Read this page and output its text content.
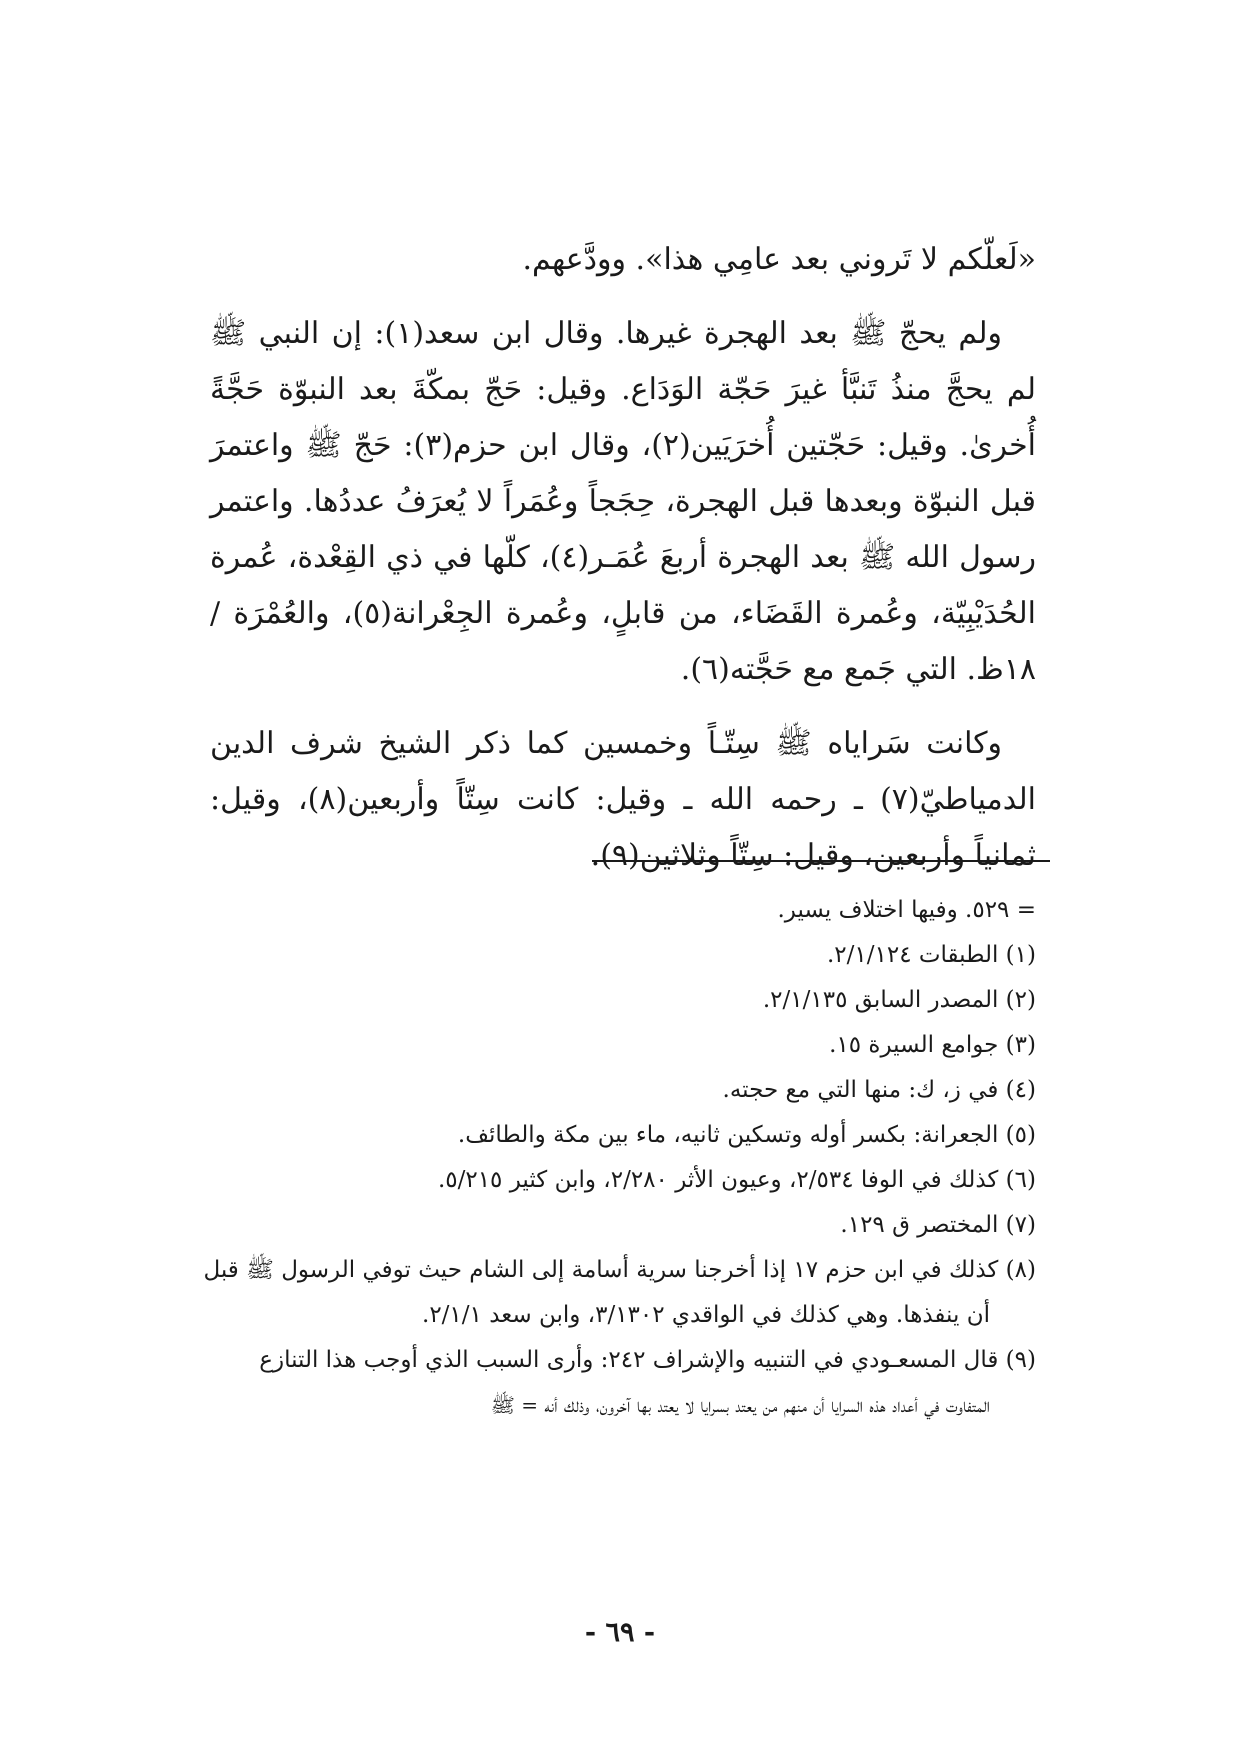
«لَعلّكم لا تَروني بعد عامِي هذا». وودَّعهم.

ولم يحجّ ﷺ بعد الهجرة غيرها. وقال ابن سعد(١): إن النبي ﷺ لم يحجَّ منذُ تَنبَّأ غيرَ حَجّة الوَدَاع. وقيل: حَجّ بمكّةَ بعد النبوّة حَجَّةً أُخرىٰ. وقيل: حَجّتين أُخرَيَين(٢)، وقال ابن حزم(٣): حَجّ ﷺ واعتمرَ قبل النبوّة وبعدها قبل الهجرة، حِجَجاً وعُمَراً لا يُعرَفُ عددُها. واعتمر رسول الله ﷺ بعد الهجرة أربعَ عُمَـر(٤)، كلّها في ذي القِعْدة، عُمرة الحُدَيْبِيّة، وعُمرة القَضَاء، من قابلٍ، وعُمرة الجِعْرانة(٥)، والعُمْرَة /١٨ظ. التي جَمع مع حَجَّته(٦).

وكانت سَراياه ﷺ سِتّـاً وخمسين كما ذكر الشيخ شرف الدين الدمياطيّ(٧) ـ رحمه الله ـ وقيل: كانت سِتّاً وأربعين(٨)، وقيل: ثمانياً وأربعين، وقيل: سِتّاً وثلاثين(٩).

= ٥٢٩. وفيها اختلاف يسير.

(١) الطبقات ٢/١/١٢٤.

(٢) المصدر السابق ٢/١/١٣٥.

(٣) جوامع السيرة ١٥.

(٤) في ز، ك: منها التي مع حجته.

(٥) الجعرانة: بكسر أوله وتسكين ثانيه، ماء بين مكة والطائف.

(٦) كذلك في الوفا ٢/٥٣٤، وعيون الأثر ٢/٢٨٠، وابن كثير ٥/٢١٥.

(٧) المختصر ق ١٢٩.

(٨) كذلك في ابن حزم ١٧ إذا أخرجنا سرية أسامة إلى الشام حيث توفي الرسول ﷺ قبل

أن ينفذها. وهي كذلك في الواقدي ٣/١٣٠٢، وابن سعد ٢/١/١.

(٩) قال المسعـودي في التنبيه والإشراف ٢٤٢: وأرى السبب الذي أوجب هذا التنازع

المتفاوت في أعداد هذه السرايا أن منهم من يعتد بسرايا لا يعتد بها آخرون، وذلك أنه = ﷺ

- ٦٩ -
